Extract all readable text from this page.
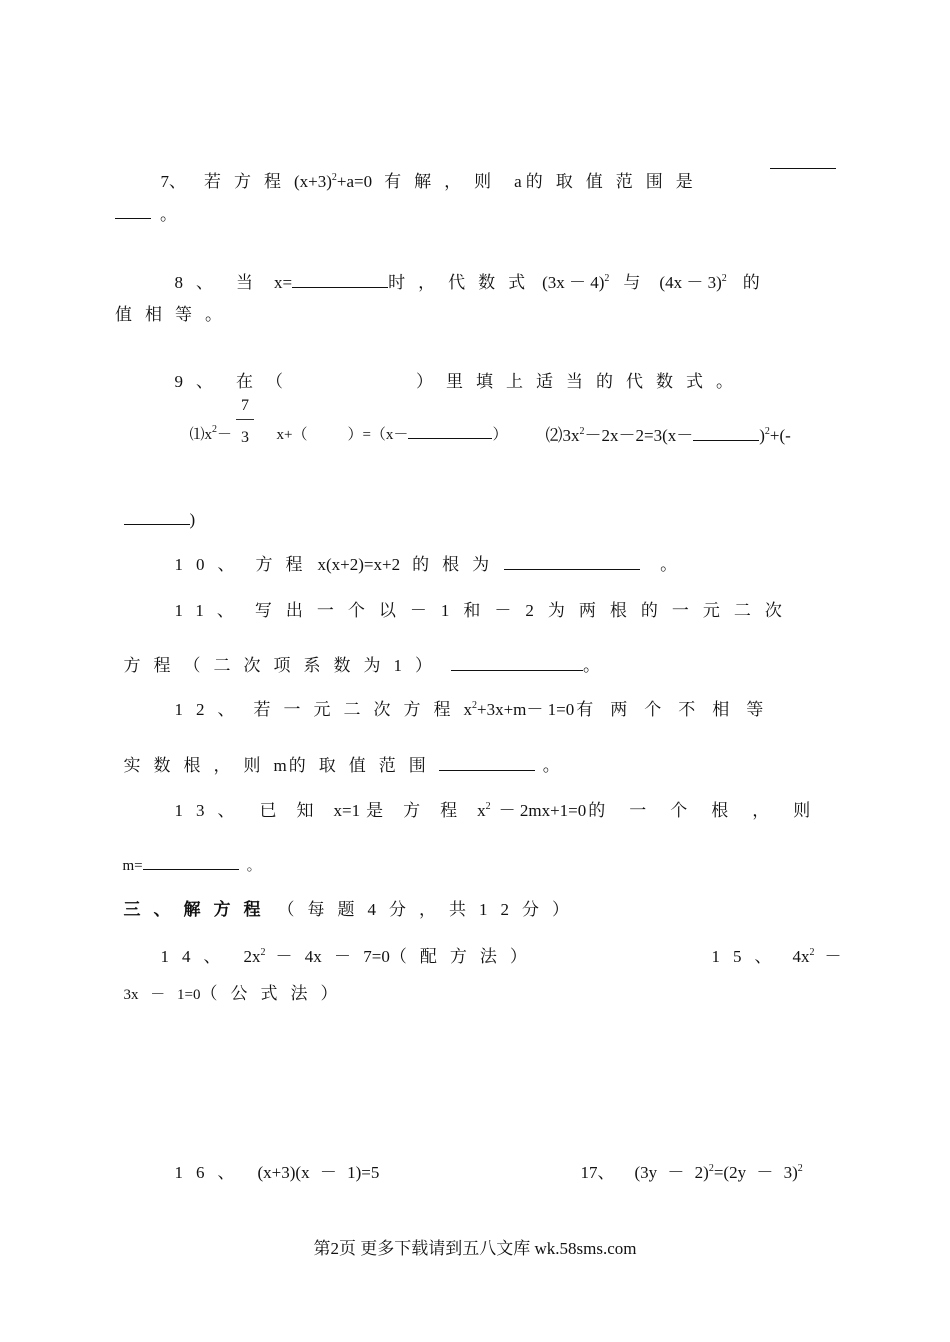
7、 若方程$(x+3)^2+a=0$ 有解，则 a 的取值范围是

。

8、 当 x=	时，代数式 $(3x - 4)^2$ 与 $(4x - 3)^2$ 的

值相等。

9、 在（　　　　）里填上适当的代数式。

$⑴x^2-$

7
3	x+（	）=（x－	）	$⑵3x^2-2x-2=3(x-$	)$^2$+(-

)

10、 方程 x(x+2)=x+2 的根为	。

11、 写出一个以－1和－2为两根的一元二次

方程（二次项系数为1）	。

12、 若一元二次方程$x^2+3x+m- 1=0$ 有两个不相等

实数根，则m 的取值范围	。

13、 已知x=1 是方程$x^2 - 2mx+1=0$ 的一个根，则

m=	。

三、解方程 （每题4分，共12分）

14、 $2x^2 - 4x - 7=0$（配方法）	15、 $4x^2$ －

3x － 1=0（公式法）

16、 (x+3)(x － 1)=5	17、 $(3y - 2)^2=(2y - 3)^2$

第2页 更多下载请到五八文库 wk.58sms.com
